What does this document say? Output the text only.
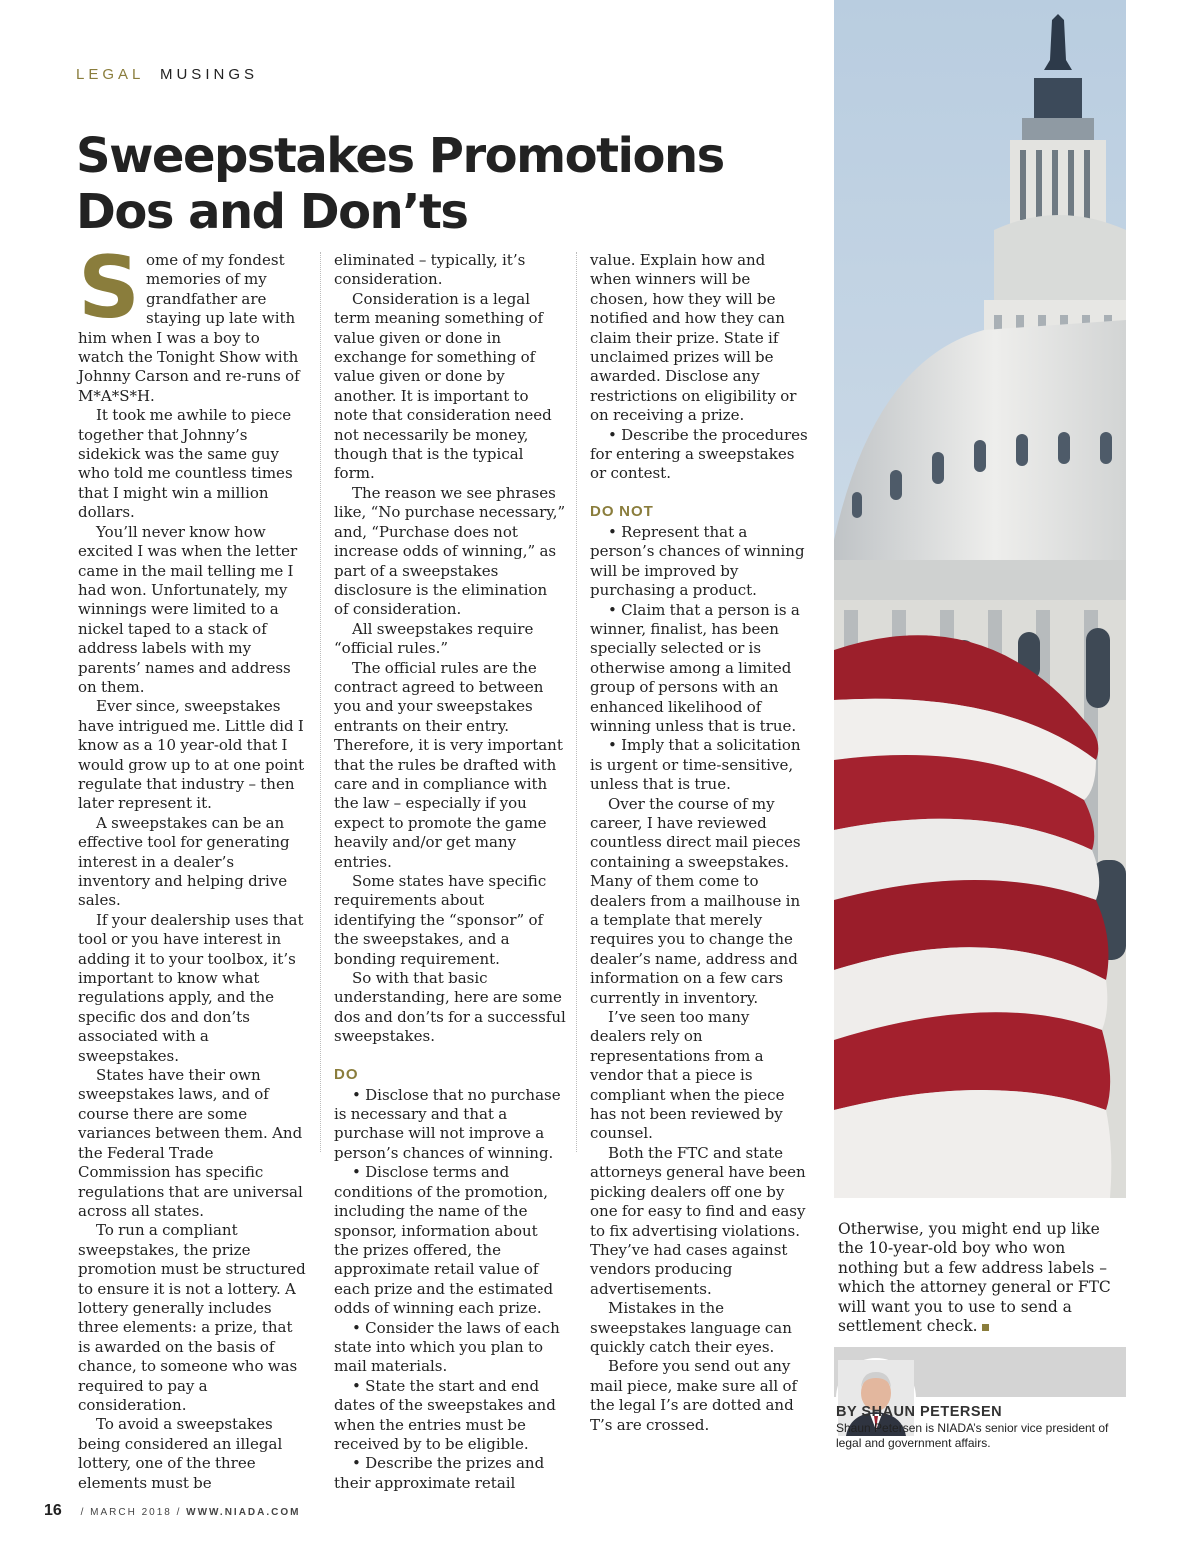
LEGAL MUSINGS
Sweepstakes Promotions
Dos and Don’ts

Some of my fondest memories of my grandfather are staying up late with him when I was a boy to watch the Tonight Show with Johnny Carson and re-runs of M*A*S*H.

It took me awhile to piece together that Johnny’s sidekick was the same guy who told me countless times that I might win a million dollars.

You’ll never know how excited I was when the letter came in the mail telling me I had won. Unfortunately, my winnings were limited to a nickel taped to a stack of address labels with my parents’ names and address on them.

Ever since, sweepstakes have intrigued me. Little did I know as a 10 year-old that I would grow up to at one point regulate that industry – then later represent it.

A sweepstakes can be an effective tool for generating interest in a dealer’s inventory and helping drive sales.

If your dealership uses that tool or you have interest in adding it to your toolbox, it’s important to know what regulations apply, and the specific dos and don’ts associated with a sweepstakes.

States have their own sweepstakes laws, and of course there are some variances between them. And the Federal Trade Commission has specific regulations that are universal across all states.

To run a compliant sweepstakes, the prize promotion must be structured to ensure it is not a lottery. A lottery generally includes three elements: a prize, that is awarded on the basis of chance, to someone who was required to pay a consideration.

To avoid a sweepstakes being considered an illegal lottery, one of the three elements must be

eliminated – typically, it’s consideration.

Consideration is a legal term meaning something of value given or done in exchange for something of value given or done by another. It is important to note that consideration need not necessarily be money, though that is the typical form.

The reason we see phrases like, “No purchase necessary,” and, “Purchase does not increase odds of winning,” as part of a sweepstakes disclosure is the elimination of consideration.

All sweepstakes require “official rules.”

The official rules are the contract agreed to between you and your sweepstakes entrants on their entry. Therefore, it is very important that the rules be drafted with care and in compliance with the law – especially if you expect to promote the game heavily and/or get many entries.

Some states have specific requirements about identifying the “sponsor” of the sweepstakes, and a bonding requirement.

So with that basic understanding, here are some dos and don’ts for a successful sweepstakes.

DO

• Disclose that no purchase is necessary and that a purchase will not improve a person’s chances of winning.

• Disclose terms and conditions of the promotion, including the name of the sponsor, information about the prizes offered, the approximate retail value of each prize and the estimated odds of winning each prize.

• Consider the laws of each state into which you plan to mail materials.

• State the start and end dates of the sweepstakes and when the entries must be received by to be eligible.

• Describe the prizes and their approximate retail

value. Explain how and when winners will be chosen, how they will be notified and how they can claim their prize. State if unclaimed prizes will be awarded. Disclose any restrictions on eligibility or on receiving a prize.

• Describe the procedures for entering a sweepstakes or contest.

DO NOT

• Represent that a person’s chances of winning will be improved by purchasing a product.

• Claim that a person is a winner, finalist, has been specially selected or is otherwise among a limited group of persons with an enhanced likelihood of winning unless that is true.

• Imply that a solicitation is urgent or time-sensitive, unless that is true.

Over the course of my career, I have reviewed countless direct mail pieces containing a sweepstakes. Many of them come to dealers from a mailhouse in a template that merely requires you to change the dealer’s name, address and information on a few cars currently in inventory.

I’ve seen too many dealers rely on representations from a vendor that a piece is compliant when the piece has not been reviewed by counsel.

Both the FTC and state attorneys general have been picking dealers off one by one for easy to find and easy to fix advertising violations. They’ve had cases against vendors producing advertisements.

Mistakes in the sweepstakes language can quickly catch their eyes.

Before you send out any mail piece, make sure all of the legal I’s are dotted and T’s are crossed.

Otherwise, you might end up like the 10-year-old boy who won nothing but a few address labels – which the attorney general or FTC will want you to use to send a settlement check.
BY SHAUN PETERSEN
Shaun Petersen is NIADA’s senior vice president of legal and government affairs.
16 / MARCH 2018 / WWW.NIADA.COM
